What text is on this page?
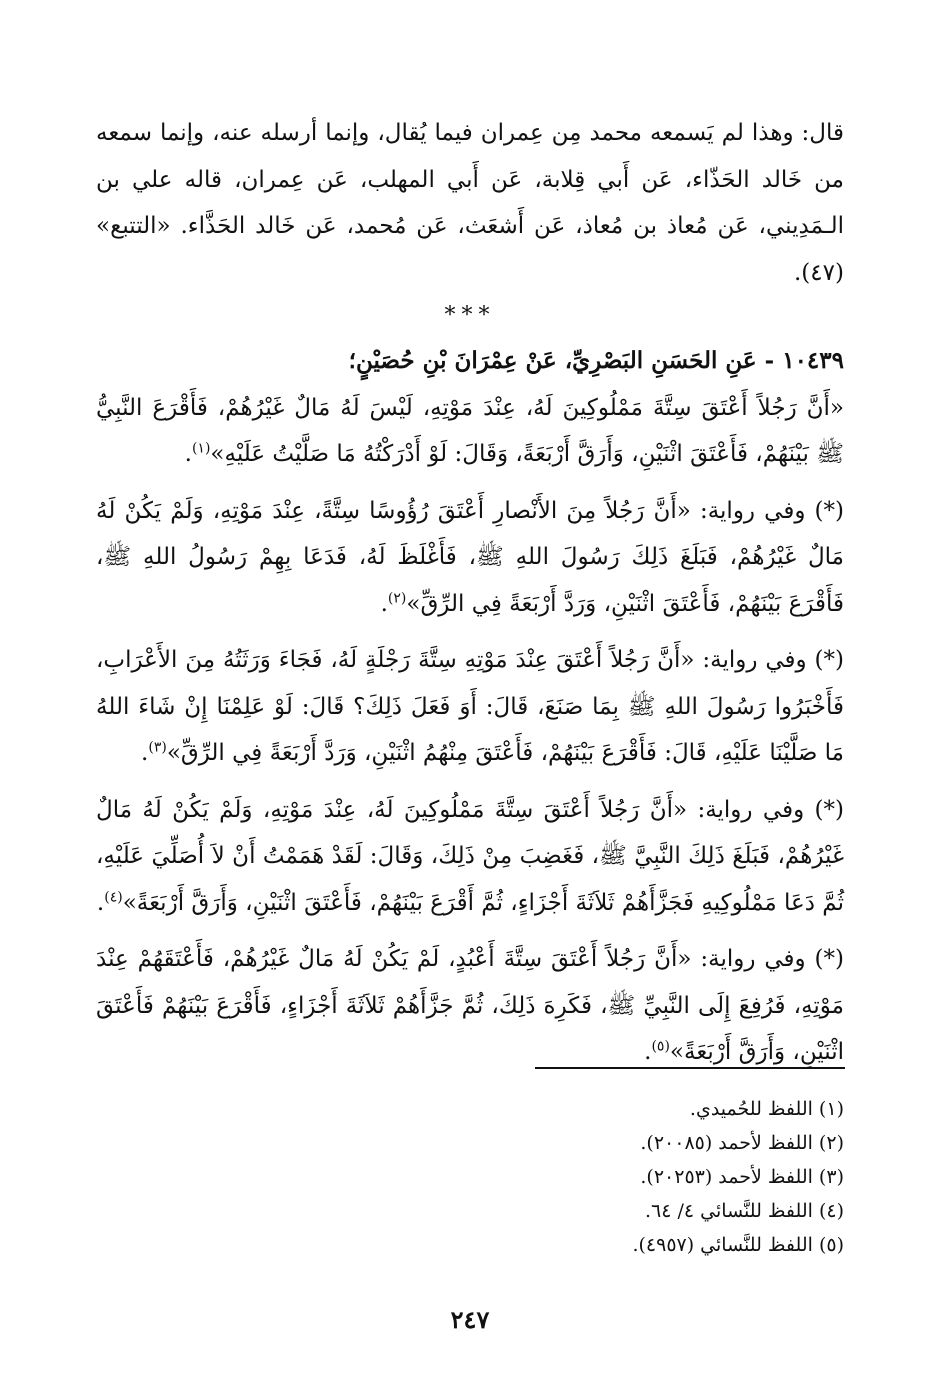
قال: وهذا لم يَسمعه محمد مِن عِمران فيما يُقال، وإنما أرسله عنه، وإنما سمعه من خَالد الحَذّاء، عَن أَبي قِلابة، عَن أَبي المهلب، عَن عِمران، قاله علي بن الـمَدِيني، عَن مُعاذ بن مُعاذ، عَن أَشعَث، عَن مُحمد، عَن خَالد الحَذَّاء. «التتبع» (٤٧).

***

١٠٤٣٩ - عَنِ الحَسَنِ البَصْرِيِّ، عَنْ عِمْرَانَ بْنِ حُصَيْنٍ؛

«أَنَّ رَجُلاً أَعْتَقَ سِتَّةَ مَمْلُوكِينَ لَهُ، عِنْدَ مَوْتِهِ، لَيْسَ لَهُ مَالٌ غَيْرُهُمْ، فَأَقْرَعَ النَّبِيُّ ﷺ بَيْنَهُمْ، فَأَعْتَقَ اثْنَيْنِ، وَأَرَقَّ أَرْبَعَةً، وَقَالَ: لَوْ أَدْرَكْتُهُ مَا صَلَّيْتُ عَلَيْهِ»$^{(١)}$.

(*) وفي رواية: «أَنَّ رَجُلاً مِنَ الأَنْصارِ أَعْتَقَ رُؤُوسًا سِتَّةً، عِنْدَ مَوْتِهِ، وَلَمْ يَكُنْ لَهُ مَالٌ غَيْرُهُمْ، فَبَلَغَ ذَلِكَ رَسُولَ اللهِ ﷺ، فَأَغْلَظَ لَهُ، فَدَعَا بِهِمْ رَسُولُ اللهِ ﷺ، فَأَقْرَعَ بَيْنَهُمْ، فَأَعْتَقَ اثْنَيْنِ، وَرَدَّ أَرْبَعَةً فِي الرِّقِّ»$^{(٢)}$.

(*) وفي رواية: «أَنَّ رَجُلاً أَعْتَقَ عِنْدَ مَوْتِهِ سِتَّةَ رَجْلَةٍ لَهُ، فَجَاءَ وَرَثَتُهُ مِنَ الأَعْرَابِ، فَأَخْبَرُوا رَسُولَ اللهِ ﷺ بِمَا صَنَعَ، قَالَ: أَوَ فَعَلَ ذَلِكَ؟ قَالَ: لَوْ عَلِمْنَا إِنْ شَاءَ اللهُ مَا صَلَّيْنَا عَلَيْهِ، قَالَ: فَأَقْرَعَ بَيْنَهُمْ، فَأَعْتَقَ مِنْهُمُ اثْنَيْنِ، وَرَدَّ أَرْبَعَةً فِي الرِّقِّ»$^{(٣)}$.

(*) وفي رواية: «أَنَّ رَجُلاً أَعْتَقَ سِتَّةَ مَمْلُوكِينَ لَهُ، عِنْدَ مَوْتِهِ، وَلَمْ يَكُنْ لَهُ مَالٌ غَيْرُهُمْ، فَبَلَغَ ذَلِكَ النَّبِيَّ ﷺ، فَغَضِبَ مِنْ ذَلِكَ، وَقَالَ: لَقَدْ هَمَمْتُ أَنْ لاَ أُصَلِّيَ عَلَيْهِ، ثُمَّ دَعَا مَمْلُوكِيهِ فَجَزَّأَهُمْ ثَلاَثَةَ أَجْزَاءٍ، ثُمَّ أَقْرَعَ بَيْنَهُمْ، فَأَعْتَقَ اثْنَيْنِ، وَأَرَقَّ أَرْبَعَةً»$^{(٤)}$.

(*) وفي رواية: «أَنَّ رَجُلاً أَعْتَقَ سِتَّةَ أَعْبُدٍ، لَمْ يَكُنْ لَهُ مَالٌ غَيْرُهُمْ، فَأَعْتَقَهُمْ عِنْدَ مَوْتِهِ، فَرُفِعَ إِلَى النَّبِيِّ ﷺ، فَكَرِهَ ذَلِكَ، ثُمَّ جَزَّأَهُمْ ثَلاَثَةَ أَجْزَاءٍ، فَأَقْرَعَ بَيْنَهُمْ فَأَعْتَقَ اثْنَيْنِ، وَأَرَقَّ أَرْبَعَةً»$^{(٥)}$.

(١) اللفظ للحُميدي.

(٢) اللفظ لأحمد (٢٠٠٨٥).

(٣) اللفظ لأحمد (٢٠٢٥٣).

(٤) اللفظ للنَّسائي ٤/ ٦٤.

(٥) اللفظ للنَّسائي (٤٩٥٧).

٢٤٧
